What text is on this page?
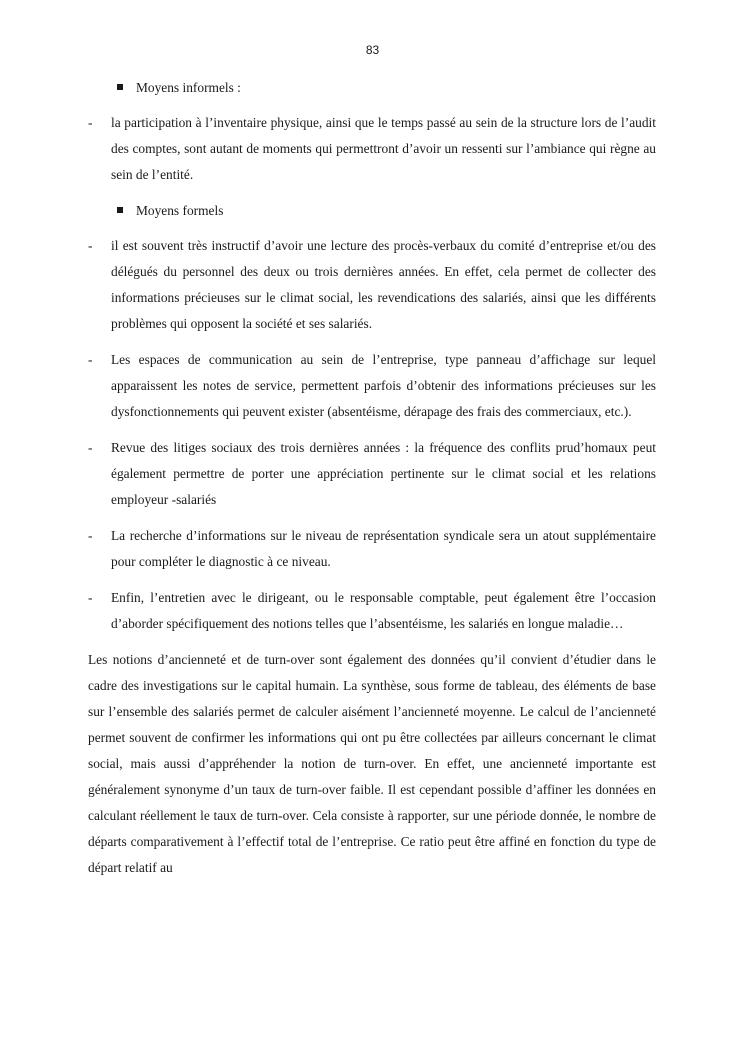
83
Moyens informels :
- la participation à l’inventaire physique, ainsi que le temps passé au sein de la structure lors de l’audit des comptes, sont autant de moments qui permettront d’avoir un ressenti sur l’ambiance qui règne au sein de l’entité.
Moyens formels
- il est souvent très instructif d’avoir une lecture des procès-verbaux du comité d’entreprise et/ou des délégués du personnel des deux ou trois dernières années. En effet, cela permet de collecter des informations précieuses sur le climat social, les revendications des salariés, ainsi que les différents problèmes qui opposent la société et ses salariés.
- Les espaces de communication au sein de l’entreprise, type panneau d’affichage sur lequel apparaissent les notes de service, permettent parfois d’obtenir des informations précieuses sur les dysfonctionnements qui peuvent exister (absentéisme, dérapage des frais des commerciaux, etc.).
- Revue des litiges sociaux des trois dernières années : la fréquence des conflits prud’homaux peut également permettre de porter une appréciation pertinente sur le climat social et les relations employeur -salariés
- La recherche d’informations sur le niveau de représentation syndicale sera un atout supplémentaire pour compléter le diagnostic à ce niveau.
- Enfin, l’entretien avec le dirigeant, ou le responsable comptable, peut également être l’occasion d’aborder spécifiquement des notions telles que l’absentéisme, les salariés en longue maladie…

Les notions d’ancienneté et de turn-over sont également des données qu’il convient d’étudier dans le cadre des investigations sur le capital humain. La synthèse, sous forme de tableau, des éléments de base sur l’ensemble des salariés permet de calculer aisément l’ancienneté moyenne. Le calcul de l’ancienneté permet souvent de confirmer les informations qui ont pu être collectées par ailleurs concernant le climat social, mais aussi d’appréhender la notion de turn-over. En effet, une ancienneté importante est généralement synonyme d’un taux de turn-over faible. Il est cependant possible d’affiner les données en calculant réellement le taux de turn-over. Cela consiste à rapporter, sur une période donnée, le nombre de départs comparativement à l’effectif total de l’entreprise. Ce ratio peut être affiné en fonction du type de départ relatif au
